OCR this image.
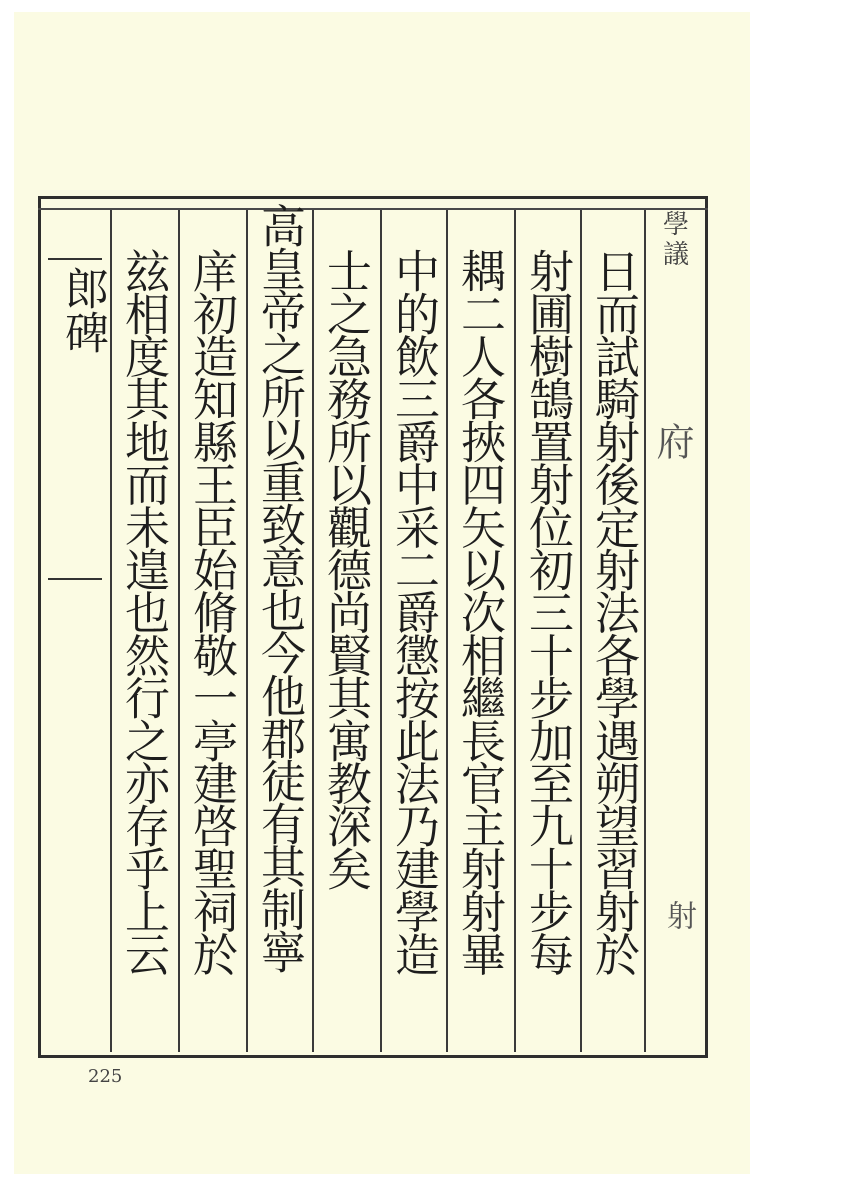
學議
府
射
日而試騎射後定射法各學遇朔望習射於
射圃樹鵠置射位初三十步加至九十步每
耦二人各挾四矢以次相繼長官主射射畢
中的飲三爵中采二爵懲按此法乃建學造
士之急務所以觀德尚賢其寓教深矣
高皇帝之所以重致意也今他郡徒有其制寧
庠初造知縣王臣始脩敬一亭建啓聖祠於
玆相度其地而未遑也然行之亦存乎上云
郎碑
225
